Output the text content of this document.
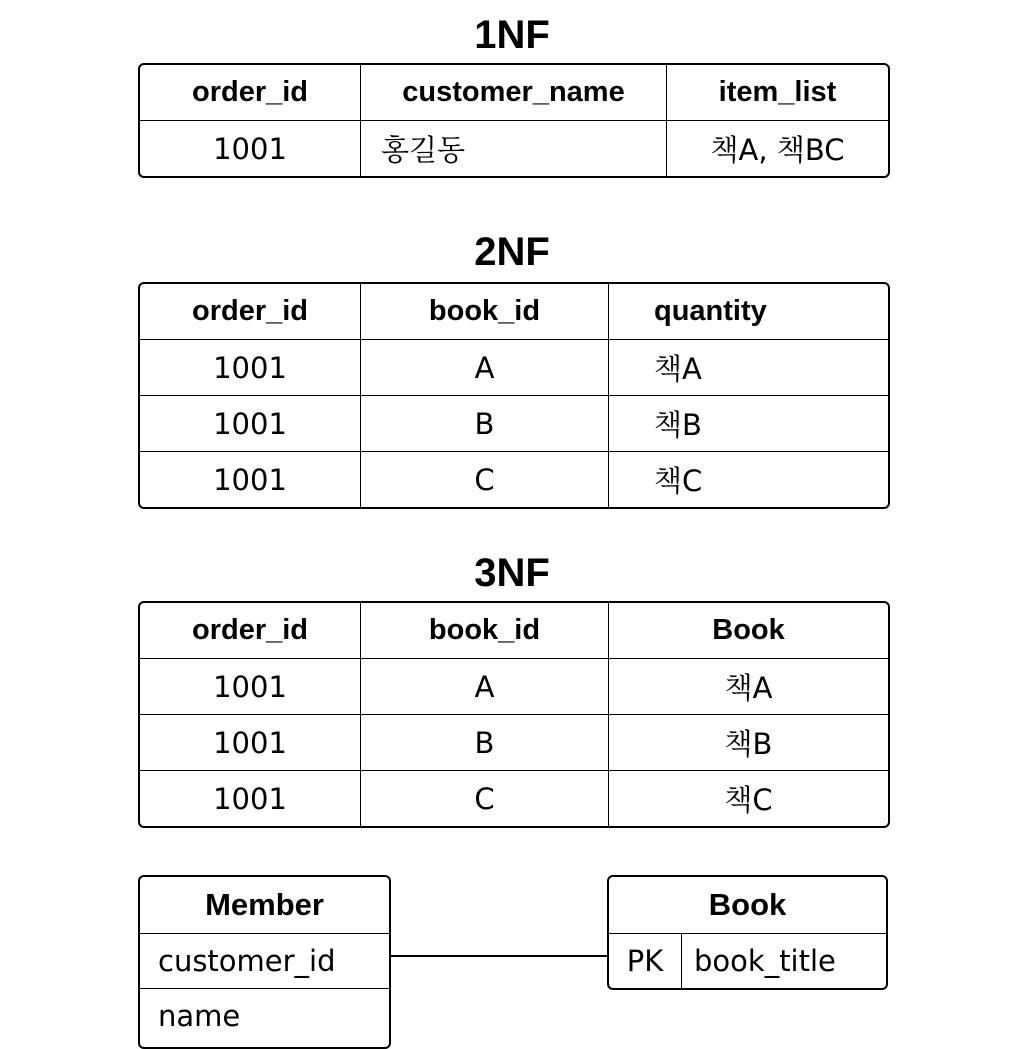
1NF
order_id	customer_name	item_list
1001	홍길동	책A, 책BC
2NF
order_id	book_id	quantity
1001	A	책A
1001	B	책B
1001	C	책C
3NF
order_id	book_id	Book
1001	A	책A
1001	B	책B
1001	C	책C
Member
customer_id
name
Book
PK	book_title
